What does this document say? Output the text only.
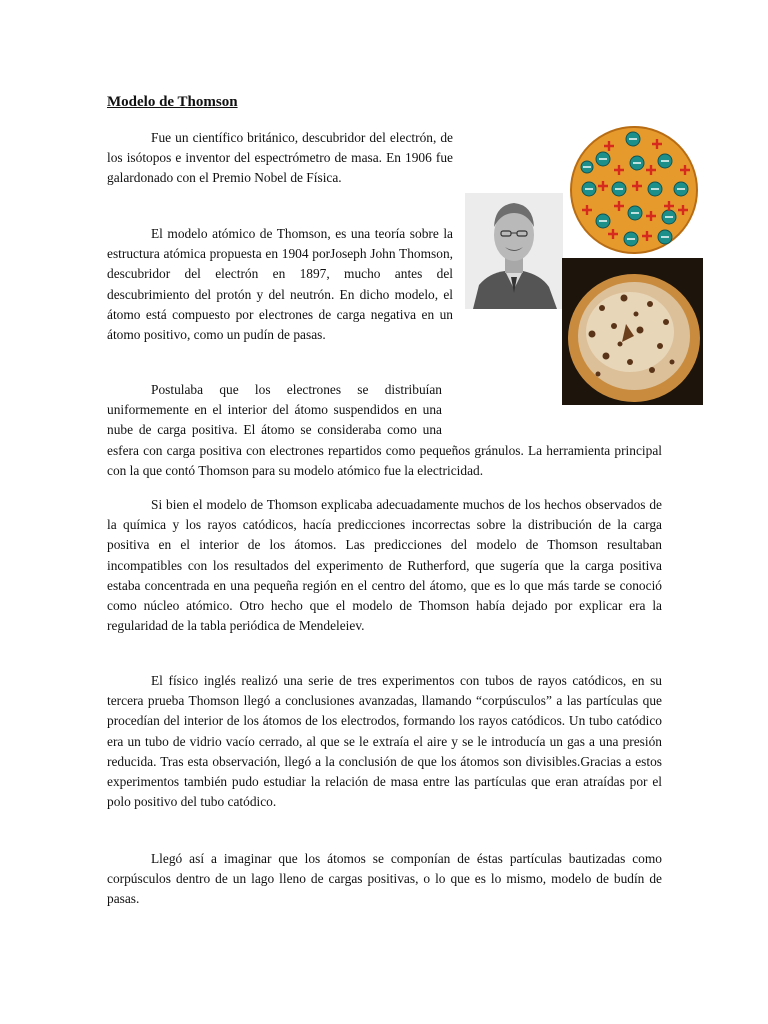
Modelo de Thomson

Fue un científico británico, descubridor del electrón, de los isótopos e inventor del espectrómetro de masa. En 1906 fue galardonado con el Premio Nobel de Física.

El modelo atómico de Thomson, es una teoría sobre la estructura atómica propuesta en 1904 porJoseph John Thomson, descubridor del electrón en 1897, mucho antes del descubrimiento del protón y del neutrón. En dicho modelo, el átomo está compuesto por electrones de carga negativa en un átomo positivo, como un pudín de pasas.

Postulaba que los electrones se distribuían uniformemente en el interior del átomo suspendidos en una nube de carga positiva. El átomo se consideraba como una esfera con carga positiva con electrones repartidos como pequeños gránulos. La herramienta principal con la que contó Thomson para su modelo atómico fue la electricidad.

Si bien el modelo de Thomson explicaba adecuadamente muchos de los hechos observados de la química y los rayos catódicos, hacía predicciones incorrectas sobre la distribución de la carga positiva en el interior de los átomos. Las predicciones del modelo de Thomson resultaban incompatibles con los resultados del experimento de Rutherford, que sugería que la carga positiva estaba concentrada en una pequeña región en el centro del átomo, que es lo que más tarde se conoció como núcleo atómico. Otro hecho que el modelo de Thomson había dejado por explicar era la regularidad de la tabla periódica de Mendeleiev.

El físico inglés realizó una serie de tres experimentos con tubos de rayos catódicos, en su tercera prueba Thomson llegó a conclusiones avanzadas, llamando “corpúsculos” a las partículas que procedían del interior de los átomos de los electrodos, formando los rayos catódicos. Un tubo catódico era un tubo de vidrio vacío cerrado, al que se le extraía el aire y se le introducía un gas a una presión reducida. Tras esta observación, llegó a la conclusión de que los átomos son divisibles.Gracias a estos experimentos también pudo estudiar la relación de masa entre las partículas que eran atraídas por el polo positivo del tubo catódico.

Llegó así a imaginar que los átomos se componían de éstas partículas bautizadas como corpúsculos dentro de un lago lleno de cargas positivas, o lo que es lo mismo, modelo de budín de pasas.
